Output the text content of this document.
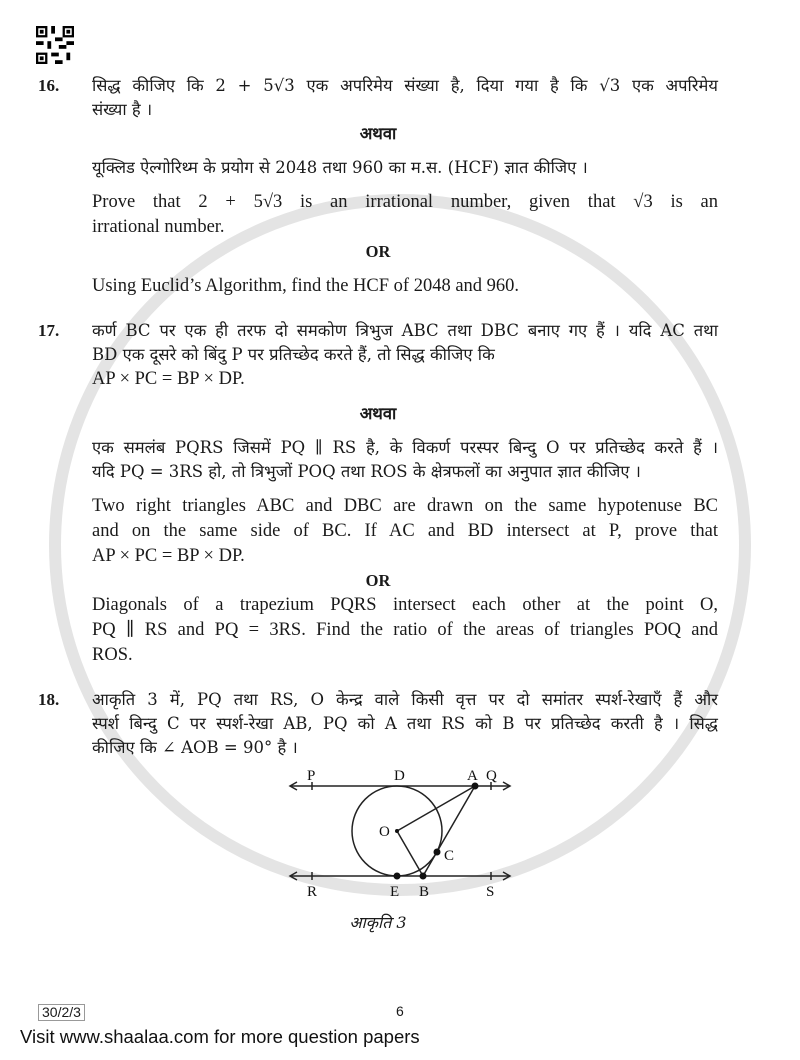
16.	सिद्ध कीजिए कि 2 + 5√3 एक अपरिमेय संख्या है, दिया गया है कि √3 एक अपरिमेय
संख्या है ।
अथवा
यूक्लिड ऐल्गोरिथ्म के प्रयोग से 2048 तथा 960 का म.स. (HCF) ज्ञात कीजिए ।
Prove that 2 + 5√3 is an irrational number, given that √3 is an
irrational number.
OR
Using Euclid’s Algorithm, find the HCF of 2048 and 960.
17.	कर्ण BC पर एक ही तरफ दो समकोण त्रिभुज ABC तथा DBC बनाए गए हैं । यदि AC तथा
BD एक दूसरे को बिंदु P पर प्रतिच्छेद करते हैं, तो सिद्ध कीजिए कि
AP × PC = BP × DP.
अथवा
एक समलंब PQRS जिसमें PQ ∥ RS है, के विकर्ण परस्पर बिन्दु O पर प्रतिच्छेद करते हैं ।
यदि PQ = 3RS हो, तो त्रिभुजों POQ तथा ROS के क्षेत्रफलों का अनुपात ज्ञात कीजिए ।
Two right triangles ABC and DBC are drawn on the same hypotenuse BC
and on the same side of BC. If AC and BD intersect at P, prove that
AP × PC = BP × DP.
OR
Diagonals of a trapezium PQRS intersect each other at the point O,
PQ ∥ RS and PQ = 3RS. Find the ratio of the areas of triangles POQ and
ROS.
18.	आकृति 3 में, PQ तथा RS, O केन्द्र वाले किसी वृत्त पर दो समांतर स्पर्श-रेखाएँ हैं और
स्पर्श बिन्दु C पर स्पर्श-रेखा AB, PQ को A तथा RS को B पर प्रतिच्छेद करती है । सिद्ध
कीजिए कि ∠ AOB = 90° है ।
P	D	A Q
O
C
R	E B	S
आकृति 3
30/2/3	6
Visit www.shaalaa.com for more question papers
